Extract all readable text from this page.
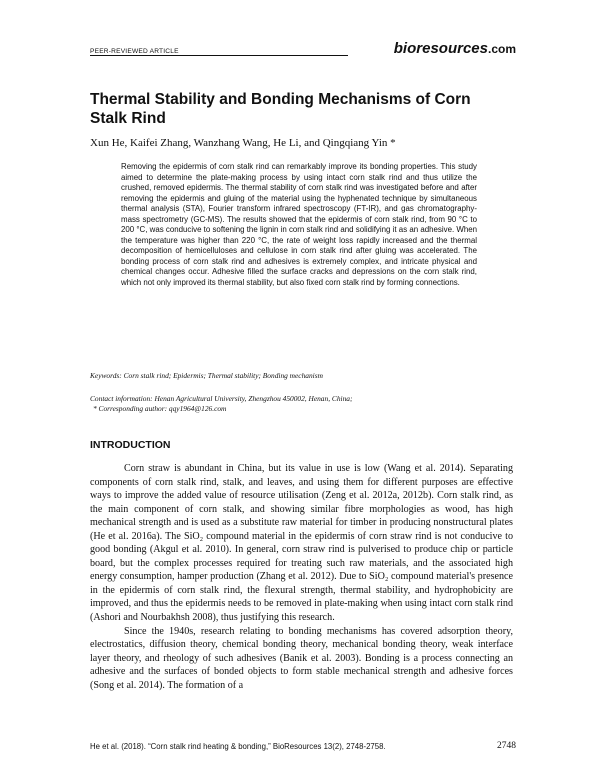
PEER-REVIEWED ARTICLE	bioresources.com
Thermal Stability and Bonding Mechanisms of Corn Stalk Rind

Xun He, Kaifei Zhang, Wanzhang Wang, He Li, and Qingqiang Yin *

Removing the epidermis of corn stalk rind can remarkably improve its bonding properties. This study aimed to determine the plate-making process by using intact corn stalk rind and thus utilize the crushed, removed epidermis. The thermal stability of corn stalk rind was investigated before and after removing the epidermis and gluing of the material using the hyphenated technique by simultaneous thermal analysis (STA), Fourier transform infrared spectroscopy (FT-IR), and gas chromatography-mass spectrometry (GC-MS). The results showed that the epidermis of corn stalk rind, from 90 °C to 200 °C, was conducive to softening the lignin in corn stalk rind and solidifying it as an adhesive. When the temperature was higher than 220 °C, the rate of weight loss rapidly increased and the thermal decomposition of hemicelluloses and cellulose in corn stalk rind after gluing was accelerated. The bonding process of corn stalk rind and adhesives is extremely complex, and intricate physical and chemical changes occur. Adhesive filled the surface cracks and depressions on the corn stalk rind, which not only improved its thermal stability, but also fixed corn stalk rind by forming connections.

Keywords: Corn stalk rind; Epidermis; Thermal stability; Bonding mechanism

Contact information: Henan Agricultural University, Zhengzhou 450002, Henan, China;
* Corresponding author: qqy1964@126.com
INTRODUCTION

Corn straw is abundant in China, but its value in use is low (Wang et al. 2014). Separating components of corn stalk rind, stalk, and leaves, and using them for different purposes are effective ways to improve the added value of resource utilisation (Zeng et al. 2012a, 2012b). Corn stalk rind, as the main component of corn stalk, and showing similar fibre morphologies as wood, has high mechanical strength and is used as a substitute raw material for timber in producing nonstructural plates (He et al. 2016a). The SiO₂ compound material in the epidermis of corn straw rind is not conducive to good bonding (Akgul et al. 2010). In general, corn straw rind is pulverised to produce chip or particle board, but the complex processes required for treating such raw materials, and the associated high energy consumption, hamper production (Zhang et al. 2012). Due to SiO₂ compound material's presence in the epidermis of corn stalk rind, the flexural strength, thermal stability, and hydrophobicity are improved, and thus the epidermis needs to be removed in plate-making when using intact corn stalk rind (Ashori and Nourbakhsh 2008), thus justifying this research.

Since the 1940s, research relating to bonding mechanisms has covered adsorption theory, electrostatics, diffusion theory, chemical bonding theory, mechanical bonding theory, weak interface layer theory, and rheology of such adhesives (Banik et al. 2003). Bonding is a process connecting an adhesive and the surfaces of bonded objects to form stable mechanical strength and adhesive forces (Song et al. 2014). The formation of a

He et al. (2018). “Corn stalk rind heating & bonding,” BioResources 13(2), 2748-2758.	2748
